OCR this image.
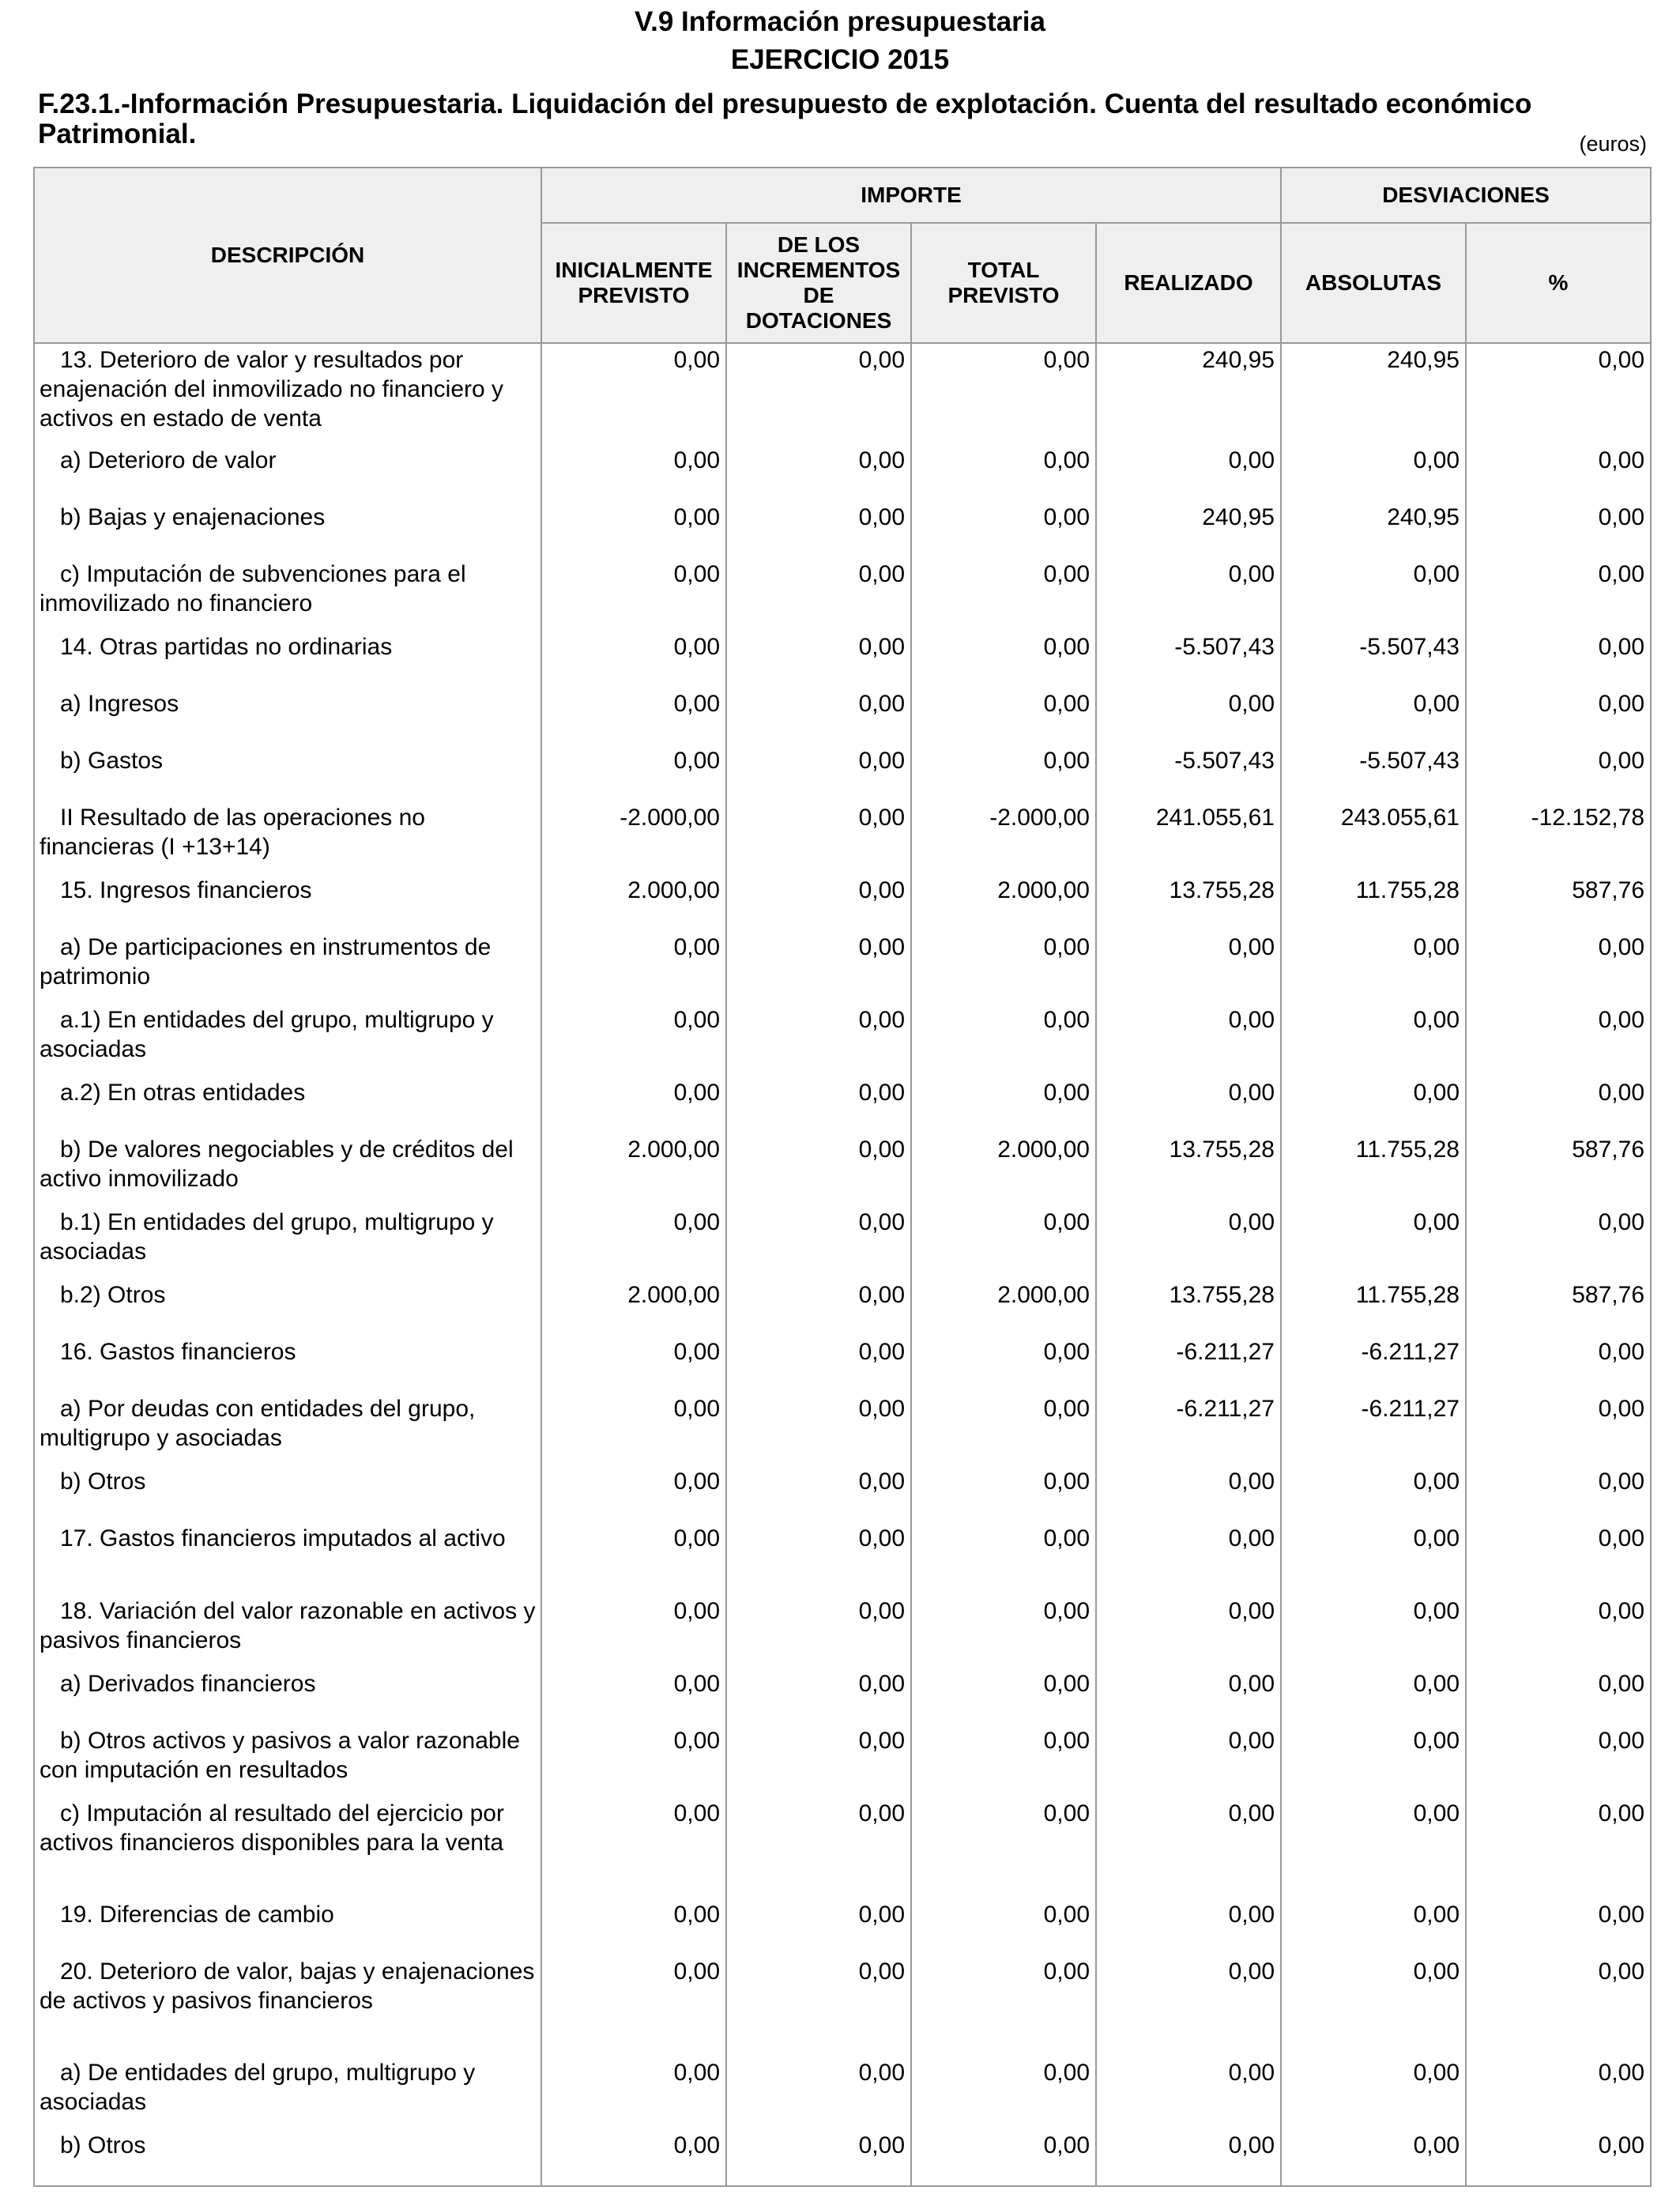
V.9 Información presupuestaria
EJERCICIO 2015
F.23.1.-Información Presupuestaria. Liquidación del presupuesto de explotación. Cuenta del resultado económico Patrimonial.	(euros)
DESCRIPCIÓN	IMPORTE				DESVIACIONES	
	INICIALMENTE PREVISTO	DE LOS INCREMENTOS DE DOTACIONES	TOTAL PREVISTO	REALIZADO	ABSOLUTAS	%
13. Deterioro de valor y resultados por enajenación del inmovilizado no financiero y activos en estado de venta	0,00	0,00	0,00	240,95	240,95	0,00
a) Deterioro de valor	0,00	0,00	0,00	0,00	0,00	0,00
b) Bajas y enajenaciones	0,00	0,00	0,00	240,95	240,95	0,00
c) Imputación de subvenciones para el inmovilizado no financiero	0,00	0,00	0,00	0,00	0,00	0,00
14. Otras partidas no ordinarias	0,00	0,00	0,00	-5.507,43	-5.507,43	0,00
a) Ingresos	0,00	0,00	0,00	0,00	0,00	0,00
b) Gastos	0,00	0,00	0,00	-5.507,43	-5.507,43	0,00
II Resultado de las operaciones no financieras (I +13+14)	-2.000,00	0,00	-2.000,00	241.055,61	243.055,61	-12.152,78
15. Ingresos financieros	2.000,00	0,00	2.000,00	13.755,28	11.755,28	587,76
a) De participaciones en instrumentos de patrimonio	0,00	0,00	0,00	0,00	0,00	0,00
a.1) En entidades del grupo, multigrupo y asociadas	0,00	0,00	0,00	0,00	0,00	0,00
a.2) En otras entidades	0,00	0,00	0,00	0,00	0,00	0,00
b) De valores negociables y de créditos del activo inmovilizado	2.000,00	0,00	2.000,00	13.755,28	11.755,28	587,76
b.1) En entidades del grupo, multigrupo y asociadas	0,00	0,00	0,00	0,00	0,00	0,00
b.2) Otros	2.000,00	0,00	2.000,00	13.755,28	11.755,28	587,76
16. Gastos financieros	0,00	0,00	0,00	-6.211,27	-6.211,27	0,00
a) Por deudas con entidades del grupo, multigrupo y asociadas	0,00	0,00	0,00	-6.211,27	-6.211,27	0,00
b) Otros	0,00	0,00	0,00	0,00	0,00	0,00
17. Gastos financieros imputados al activo	0,00	0,00	0,00	0,00	0,00	0,00
18. Variación del valor razonable en activos y pasivos financieros	0,00	0,00	0,00	0,00	0,00	0,00
a) Derivados financieros	0,00	0,00	0,00	0,00	0,00	0,00
b) Otros activos y pasivos a valor razonable con imputación en resultados	0,00	0,00	0,00	0,00	0,00	0,00
c) Imputación al resultado del ejercicio por activos financieros disponibles para la venta	0,00	0,00	0,00	0,00	0,00	0,00
19. Diferencias de cambio	0,00	0,00	0,00	0,00	0,00	0,00
20. Deterioro de valor, bajas y enajenaciones de activos y pasivos financieros	0,00	0,00	0,00	0,00	0,00	0,00
a) De entidades del grupo, multigrupo y asociadas	0,00	0,00	0,00	0,00	0,00	0,00
b) Otros	0,00	0,00	0,00	0,00	0,00	0,00
